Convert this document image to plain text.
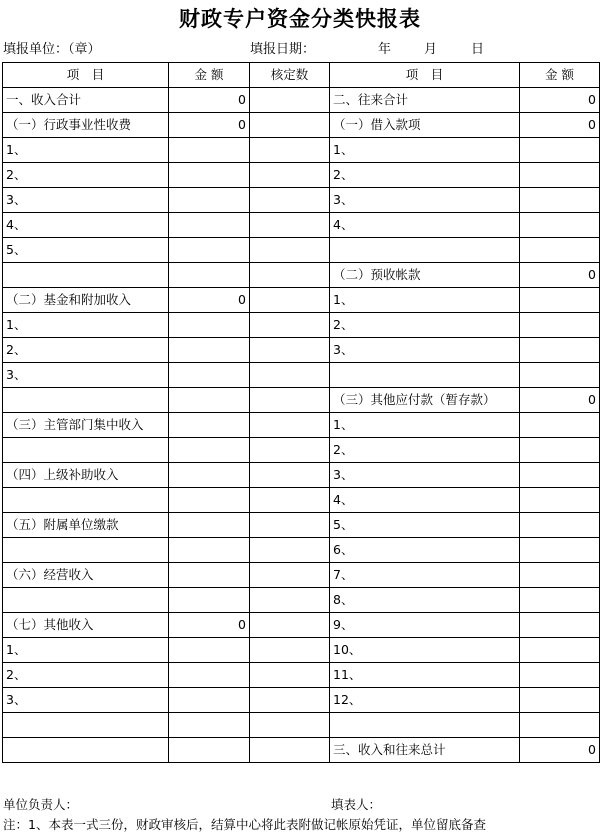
财政专户资金分类快报表
填报单位：（章）	填报日期：	年	月	日
项　目	金 额	核定数	项　目	金 额
一、收入合计	0		二、往来合计	0
（一）行政事业性收费	0		（一）借入款项	0
1、			1、	
2、			2、	
3、			3、	
4、			4、	
5、				
			（二）预收帐款	0
（二）基金和附加收入	0		1、	
1、			2、	
2、			3、	
3、				
			（三）其他应付款（暂存款）	0
（三）主管部门集中收入			1、	
			2、	
（四）上级补助收入			3、	
			4、	
（五）附属单位缴款			5、	
			6、	
（六）经营收入			7、	
			8、	
（七）其他收入	0		9、	
1、			10、	
2、			11、	
3、			12、	

			三、收入和往来总计	0
单位负责人：	填表人：
注：1、本表一式三份，财政审核后，结算中心将此表附做记帐原始凭证，单位留底备查
